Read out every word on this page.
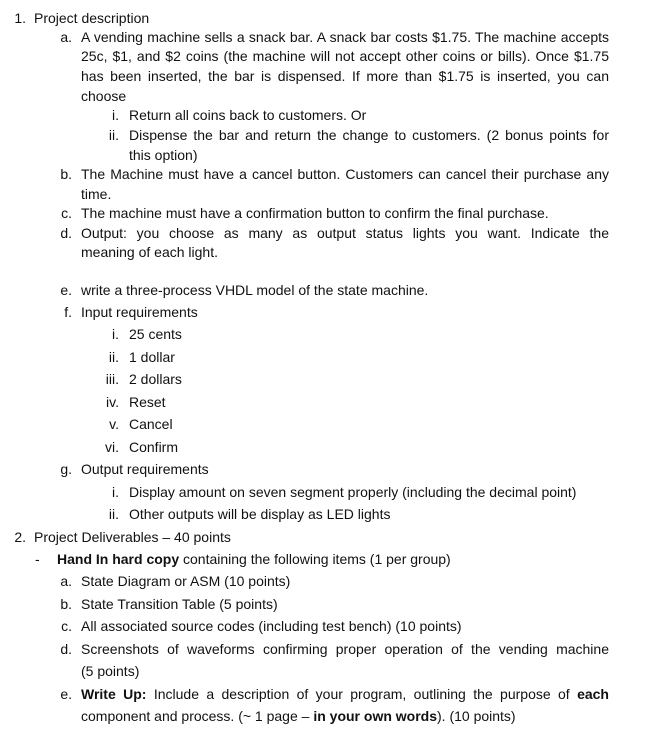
1. Project description
a. A vending machine sells a snack bar. A snack bar costs $1.75. The machine accepts
25c, $1, and $2 coins (the machine will not accept other coins or bills). Once $1.75
has been inserted, the bar is dispensed. If more than $1.75 is inserted, you can
choose
i. Return all coins back to customers. Or
ii. Dispense the bar and return the change to customers. (2 bonus points for
this option)
b. The Machine must have a cancel button. Customers can cancel their purchase any
time.
c. The machine must have a confirmation button to confirm the final purchase.
d. Output: you choose as many as output status lights you want. Indicate the
meaning of each light.
e. write a three-process VHDL model of the state machine.
f. Input requirements
i. 25 cents
ii. 1 dollar
iii. 2 dollars
iv. Reset
v. Cancel
vi. Confirm
g. Output requirements
i. Display amount on seven segment properly (including the decimal point)
ii. Other outputs will be display as LED lights
2. Project Deliverables – 40 points
- Hand In hard copy containing the following items (1 per group)
a. State Diagram or ASM (10 points)
b. State Transition Table (5 points)
c. All associated source codes (including test bench) (10 points)
d. Screenshots of waveforms confirming proper operation of the vending machine
(5 points)
e. Write Up: Include a description of your program, outlining the purpose of each
component and process. (~ 1 page – in your own words). (10 points)
